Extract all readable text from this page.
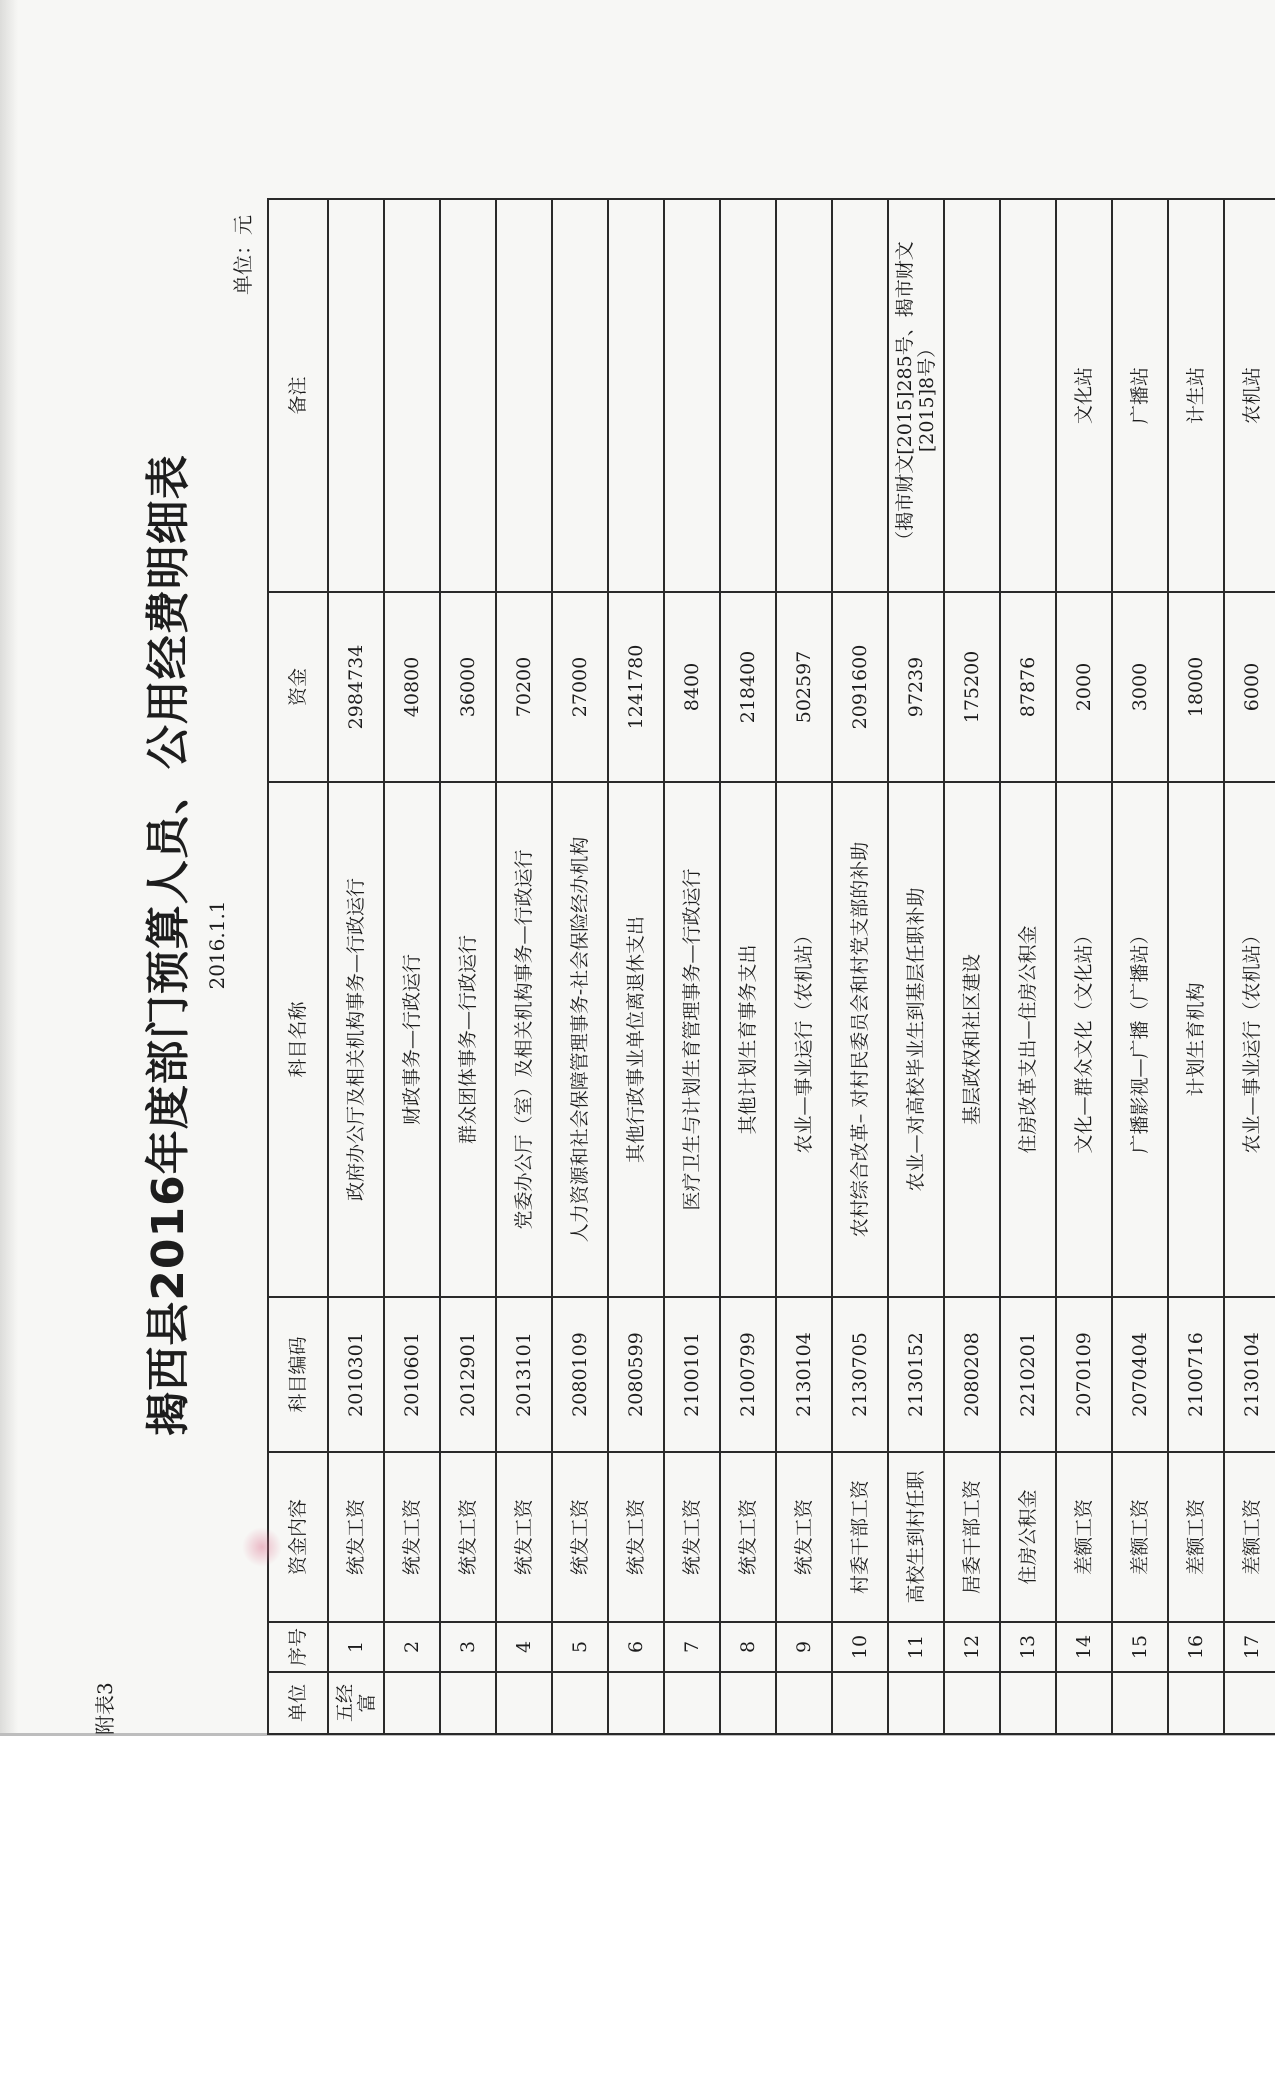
附表3
揭西县2016年度部门预算人员、公用经费明细表 2016.1.1
单位：元
单位	序号	资金内容	科目编码	科目名称	资金	备注
五经富	1	统发工资	2010301	政府办公厅及相关机构事务—行政运行	2984734	
	2	统发工资	2010601	财政事务—行政运行	40800	
	3	统发工资	2012901	群众团体事务—行政运行	36000	
	4	统发工资	2013101	党委办公厅（室）及相关机构事务—行政运行	70200	
	5	统发工资	2080109	人力资源和社会保障管理事务-社会保险经办机构	27000	
	6	统发工资	2080599	其他行政事业单位离退休支出	1241780	
	7	统发工资	2100101	医疗卫生与计划生育管理事务—行政运行	8400	
	8	统发工资	2100799	其他计划生育事务支出	218400	
	9	统发工资	2130104	农业—事业运行（农机站）	502597	
	10	村委干部工资	2130705	农村综合改革– 对村民委员会和村党支部的补助	2091600	
	11	高校生到村任职	2130152	农业—对高校毕业生到基层任职补助	97239	（揭市财文[2015]285号、揭市财文[2015]8号）
	12	居委干部工资	2080208	基层政权和社区建设	175200	
	13	住房公积金	2210201	住房改革支出—住房公积金	87876	
	14	差额工资	2070109	文化—群众文化（文化站）	2000	文化站
	15	差额工资	2070404	广播影视—广播（广播站）	3000	广播站
	16	差额工资	2100716	计划生育机构	18000	计生站
	17	差额工资	2130104	农业—事业运行（农机站）	6000	农机站
